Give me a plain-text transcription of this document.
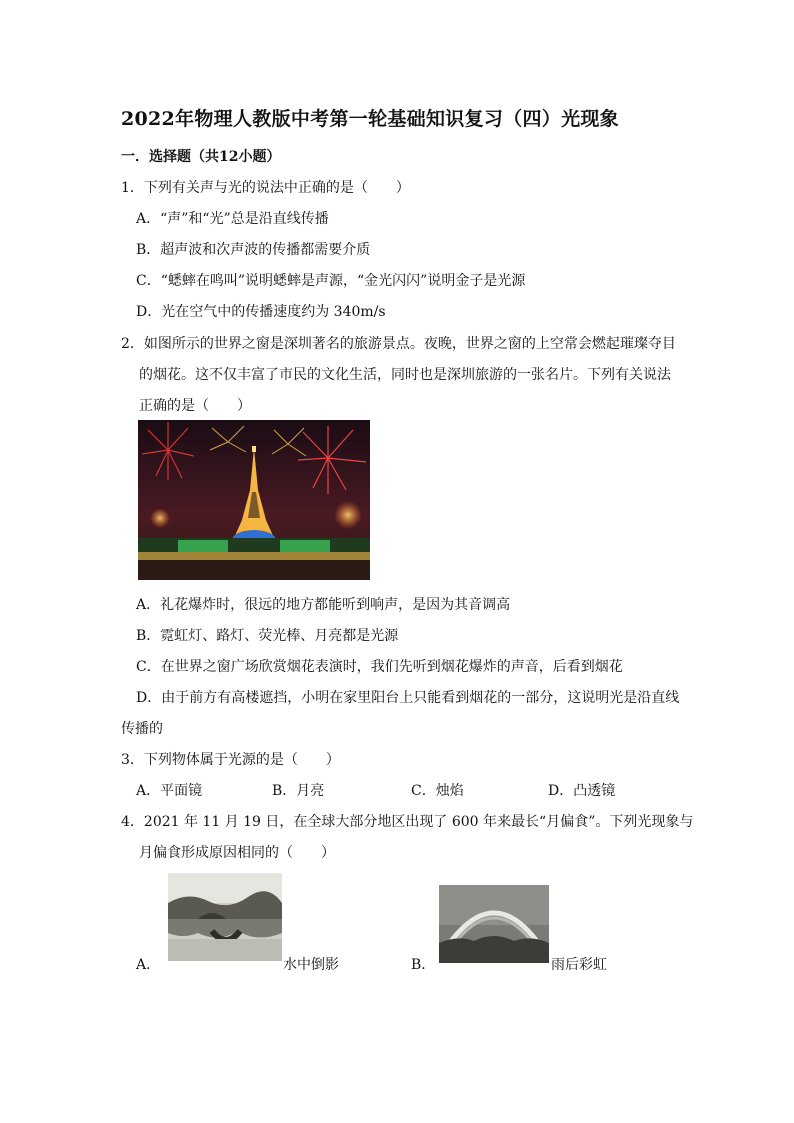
2022年物理人教版中考第一轮基础知识复习（四）光现象
一．选择题（共12小题）
1．下列有关声与光的说法中正确的是（　　）
A．“声”和“光”总是沿直线传播
B．超声波和次声波的传播都需要介质
C．“蟋蟀在鸣叫”说明蟋蟀是声源，“金光闪闪”说明金子是光源
D．光在空气中的传播速度约为 340m/s
2．如图所示的世界之窗是深圳著名的旅游景点。夜晚，世界之窗的上空常会燃起璀璨夺目
的烟花。这不仅丰富了市民的文化生活，同时也是深圳旅游的一张名片。下列有关说法
正确的是（　　）
A．礼花爆炸时，很远的地方都能听到响声，是因为其音调高
B．霓虹灯、路灯、荧光棒、月亮都是光源
C．在世界之窗广场欣赏烟花表演时，我们先听到烟花爆炸的声音，后看到烟花
D．由于前方有高楼遮挡，小明在家里阳台上只能看到烟花的一部分，这说明光是沿直线
传播的
3．下列物体属于光源的是（　　）
A．平面镜	B．月亮	C．烛焰	D．凸透镜
4．2021 年 11 月 19 日，在全球大部分地区出现了 600 年来最长“月偏食”。下列光现象与
月偏食形成原因相同的（　　）
A．	水中倒影	B．	雨后彩虹
